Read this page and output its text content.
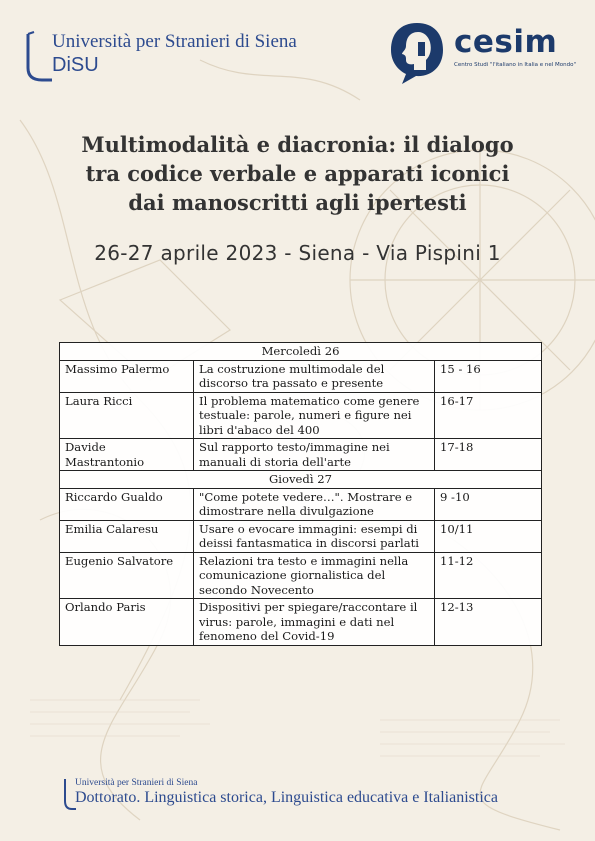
Università per Stranieri di Siena
DiSU
cesim
Centro Studi "l'italiano in Italia e nel Mondo"
Multimodalità e diacronia: il dialogo
tra codice verbale e apparati iconici
dai manoscritti agli ipertesti
26-27 aprile 2023 - Siena - Via Pispini 1
Mercoledì 26		
Massimo Palermo	La costruzione multimodale del discorso tra passato e presente	15 - 16
Laura Ricci	Il problema matematico come genere testuale: parole, numeri e figure nei libri d'abaco del 400	16-17
Davide Mastrantonio	Sul rapporto testo/immagine nei manuali di storia dell'arte	17-18
Giovedì 27		
Riccardo Gualdo	"Come potete vedere…". Mostrare e dimostrare nella divulgazione	9 -10
Emilia Calaresu	Usare o evocare immagini: esempi di deissi fantasmatica in discorsi parlati	10/11
Eugenio Salvatore	Relazioni tra testo e immagini nella comunicazione giornalistica del secondo Novecento	11-12
Orlando Paris	Dispositivi per spiegare/raccontare il virus: parole, immagini e dati nel fenomeno del Covid-19	12-13
Università per Stranieri di Siena
Dottorato. Linguistica storica, Linguistica educativa e Italianistica
